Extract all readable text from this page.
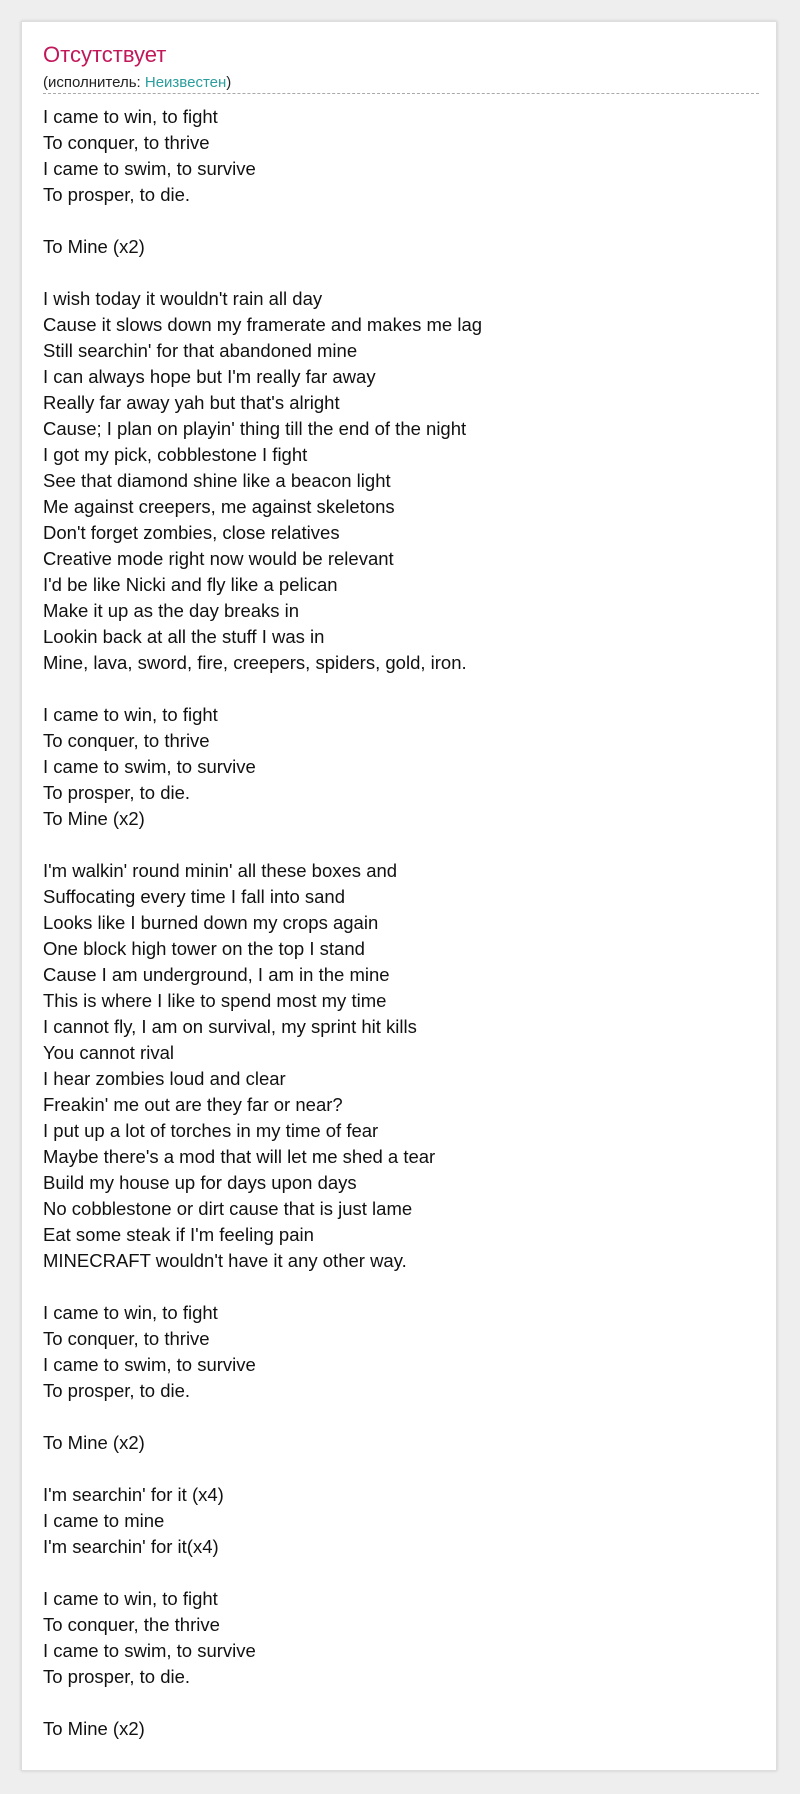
Отсутствует
(исполнитель: Неизвестен)
I came to win, to fight
To conquer, to thrive
I came to swim, to survive
To prosper, to die.
To Mine (x2)
I wish today it wouldn't rain all day
Cause it slows down my framerate and makes me lag
Still searchin' for that abandoned mine
I can always hope but I'm really far away
Really far away yah but that's alright
Cause; I plan on playin' thing till the end of the night
I got my pick, cobblestone I fight
See that diamond shine like a beacon light
Me against creepers, me against skeletons
Don't forget zombies, close relatives
Creative mode right now would be relevant
I'd be like Nicki and fly like a pelican
Make it up as the day breaks in
Lookin back at all the stuff I was in
Mine, lava, sword, fire, creepers, spiders, gold, iron.
I came to win, to fight
To conquer, to thrive
I came to swim, to survive
To prosper, to die.
To Mine (x2)
I'm walkin' round minin' all these boxes and
Suffocating every time I fall into sand
Looks like I burned down my crops again
One block high tower on the top I stand
Cause I am underground, I am in the mine
This is where I like to spend most my time
I cannot fly, I am on survival, my sprint hit kills
You cannot rival
I hear zombies loud and clear
Freakin' me out are they far or near?
I put up a lot of torches in my time of fear
Maybe there's a mod that will let me shed a tear
Build my house up for days upon days
No cobblestone or dirt cause that is just lame
Eat some steak if I'm feeling pain
MINECRAFT wouldn't have it any other way.
I came to win, to fight
To conquer, to thrive
I came to swim, to survive
To prosper, to die.
To Mine (x2)
I'm searchin' for it (x4)
I came to mine
I'm searchin' for it(x4)
I came to win, to fight
To conquer, the thrive
I came to swim, to survive
To prosper, to die.
To Mine (x2)
